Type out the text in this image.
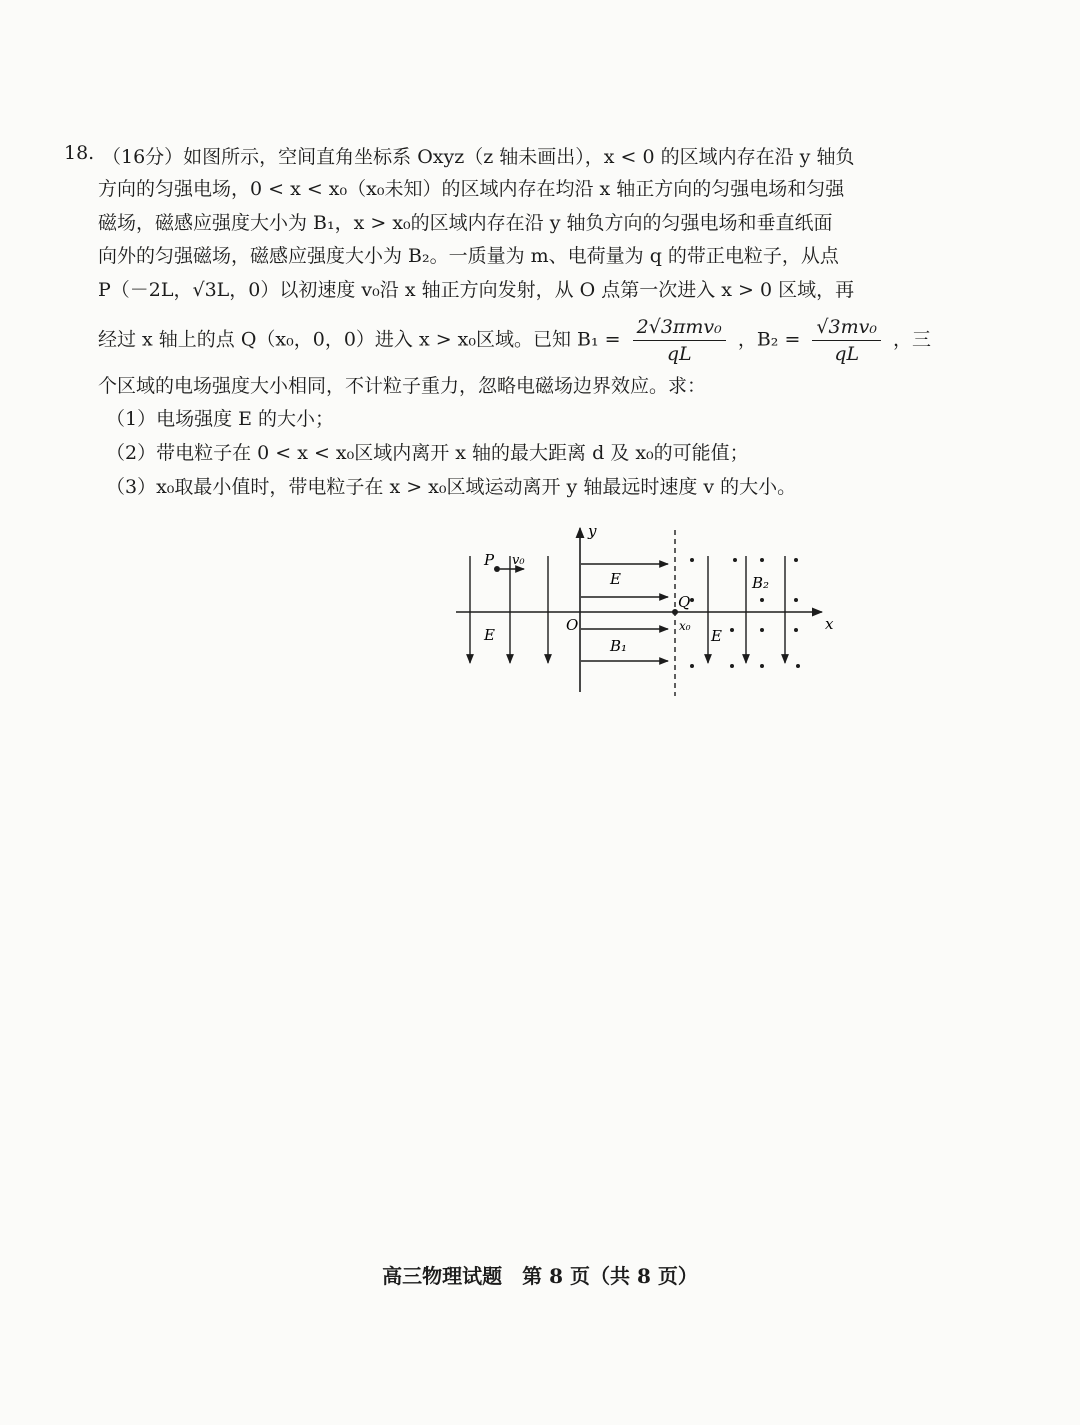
18. （16分）如图所示，空间直角坐标系 Oxyz（z 轴未画出），x < 0 的区域内存在沿 y 轴负
方向的匀强电场，0 < x < x₀（x₀未知）的区域内存在均沿 x 轴正方向的匀强电场和匀强
磁场，磁感应强度大小为 B₁，x > x₀的区域内存在沿 y 轴负方向的匀强电场和垂直纸面
向外的匀强磁场，磁感应强度大小为 B₂。一质量为 m、电荷量为 q 的带正电粒子，从点
P（－2L，√3L，0）以初速度 v₀沿 x 轴正方向发射，从 O 点第一次进入 x > 0 区域，再
经过 x 轴上的点 Q（x₀，0，0）进入 x > x₀区域。已知 $B_1 = \frac{\text{2√3πmv₀}}{qL}$ ，$B_2 = \frac{\text{√3mv₀}}{qL}$ ，三
个区域的电场强度大小相同，不计粒子重力，忽略电磁场边界效应。求：
（1）电场强度 E 的大小；
（2）带电粒子在 0 < x < x₀区域内离开 x 轴的最大距离 d 及 x₀的可能值；
（3）x₀取最小值时，带电粒子在 x > x₀区域运动离开 y 轴最远时速度 v 的大小。
P v₀
E
E
B₁
O
y
x
Q
x₀
E
B₂
高三物理试题　第 8 页（共 8 页）
